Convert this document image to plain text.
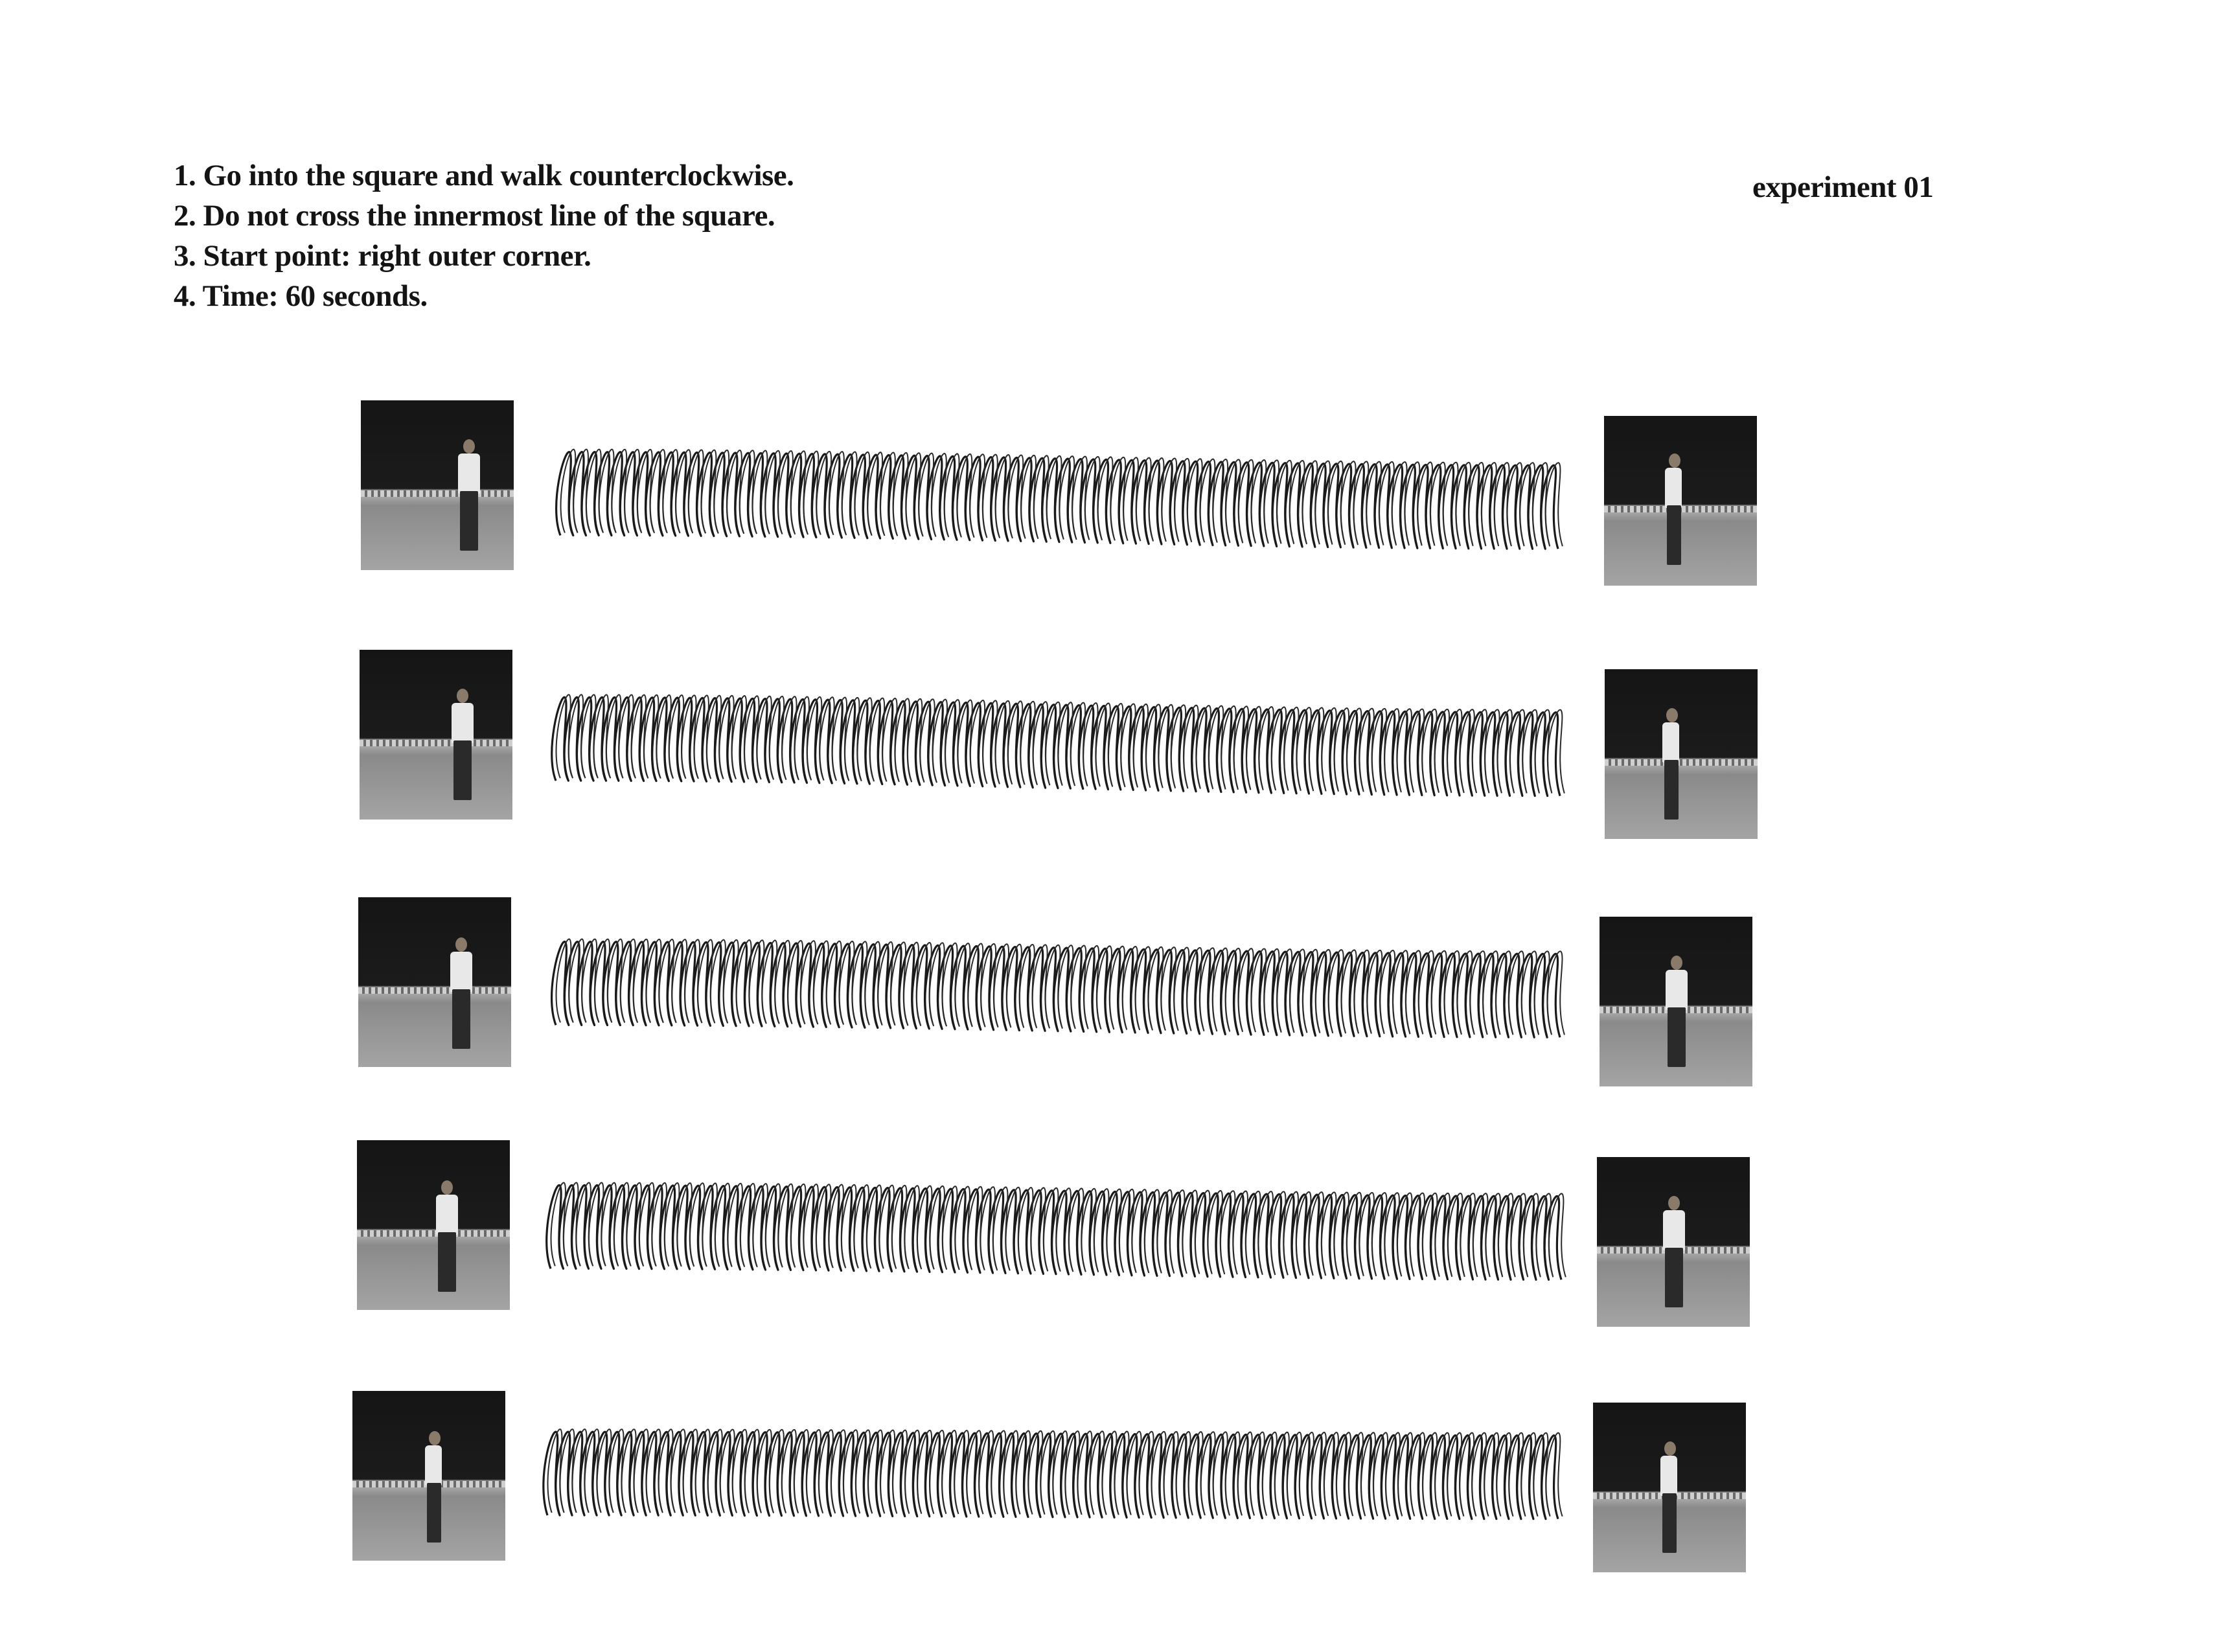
1. Go into the square and walk counterclockwise.
2. Do not cross the innermost line of the square.
3. Start point: right outer corner.
4. Time: 60 seconds.
experiment 01
